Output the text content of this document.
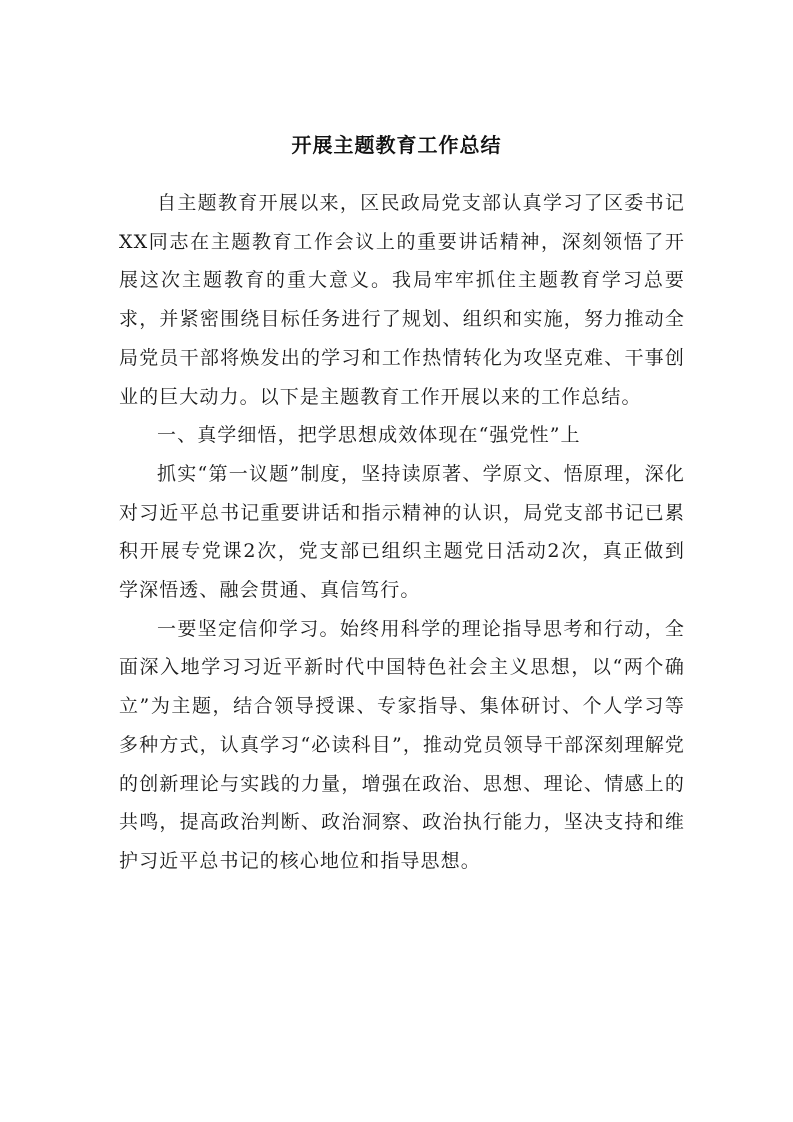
开展主题教育工作总结

自主题教育开展以来，区民政局党支部认真学习了区委书记XX同志在主题教育工作会议上的重要讲话精神，深刻领悟了开展这次主题教育的重大意义。我局牢牢抓住主题教育学习总要求，并紧密围绕目标任务进行了规划、组织和实施，努力推动全局党员干部将焕发出的学习和工作热情转化为攻坚克难、干事创业的巨大动力。以下是主题教育工作开展以来的工作总结。

一、真学细悟，把学思想成效体现在“强党性”上

抓实“第一议题”制度，坚持读原著、学原文、悟原理，深化对习近平总书记重要讲话和指示精神的认识，局党支部书记已累积开展专党课2次，党支部已组织主题党日活动2次，真正做到学深悟透、融会贯通、真信笃行。

一要坚定信仰学习。始终用科学的理论指导思考和行动，全面深入地学习习近平新时代中国特色社会主义思想，以“两个确立”为主题，结合领导授课、专家指导、集体研讨、个人学习等多种方式，认真学习“必读科目”，推动党员领导干部深刻理解党的创新理论与实践的力量，增强在政治、思想、理论、情感上的共鸣，提高政治判断、政治洞察、政治执行能力，坚决支持和维护习近平总书记的核心地位和指导思想。
